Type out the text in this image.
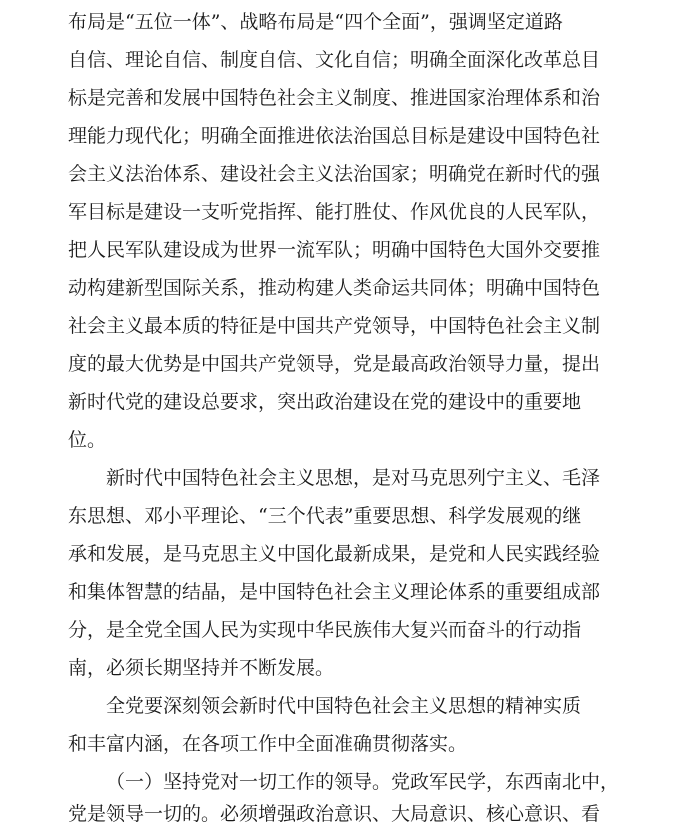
布局是“五位一体”、战略布局是“四个全面”，强调坚定道路

自信、理论自信、制度自信、文化自信；明确全面深化改革总目

标是完善和发展中国特色社会主义制度、推进国家治理体系和治

理能力现代化；明确全面推进依法治国总目标是建设中国特色社

会主义法治体系、建设社会主义法治国家；明确党在新时代的强

军目标是建设一支听党指挥、能打胜仗、作风优良的人民军队，

把人民军队建设成为世界一流军队；明确中国特色大国外交要推

动构建新型国际关系，推动构建人类命运共同体；明确中国特色

社会主义最本质的特征是中国共产党领导，中国特色社会主义制

度的最大优势是中国共产党领导，党是最高政治领导力量，提出

新时代党的建设总要求，突出政治建设在党的建设中的重要地

位。

新时代中国特色社会主义思想，是对马克思列宁主义、毛泽

东思想、邓小平理论、“三个代表”重要思想、科学发展观的继

承和发展，是马克思主义中国化最新成果，是党和人民实践经验

和集体智慧的结晶，是中国特色社会主义理论体系的重要组成部

分，是全党全国人民为实现中华民族伟大复兴而奋斗的行动指

南，必须长期坚持并不断发展。

全党要深刻领会新时代中国特色社会主义思想的精神实质

和丰富内涵，在各项工作中全面准确贯彻落实。

（一）坚持党对一切工作的领导。党政军民学，东西南北中，

党是领导一切的。必须增强政治意识、大局意识、核心意识、看
